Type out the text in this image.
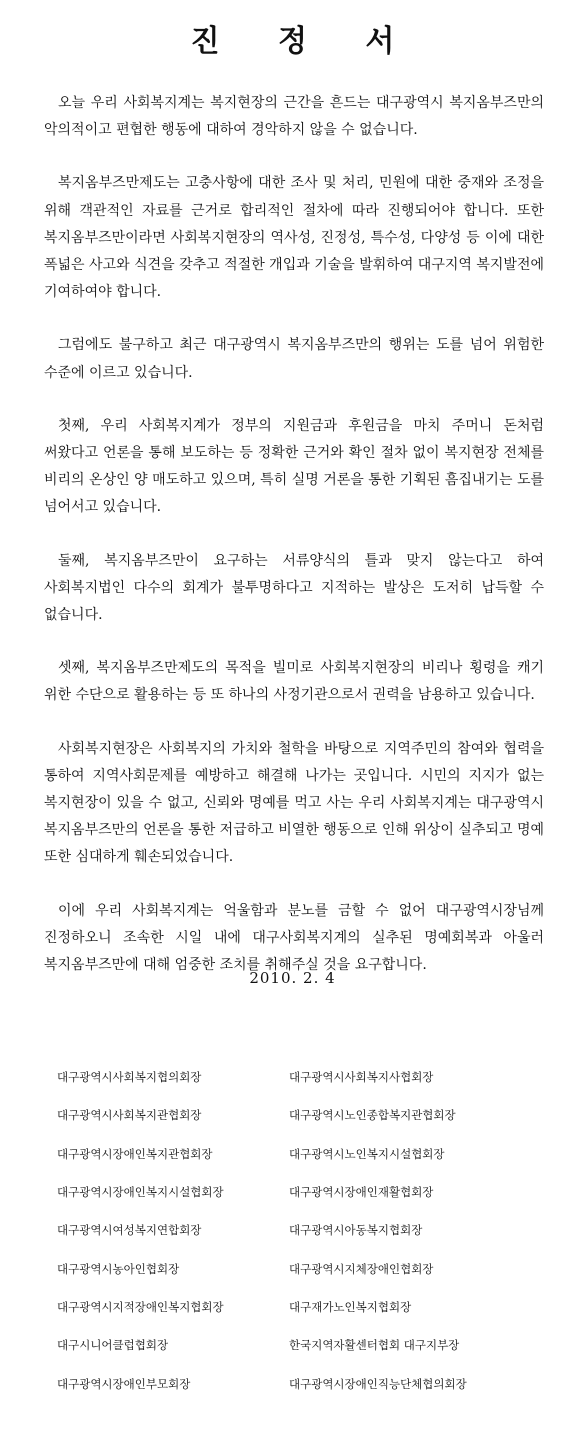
진 정 서

오늘 우리 사회복지계는 복지현장의 근간을 흔드는 대구광역시 복지옴부즈만의 악의적이고 편협한 행동에 대하여 경악하지 않을 수 없습니다.

복지옴부즈만제도는 고충사항에 대한 조사 및 처리, 민원에 대한 중재와 조정을 위해 객관적인 자료를 근거로 합리적인 절차에 따라 진행되어야 합니다. 또한 복지옴부즈만이라면 사회복지현장의 역사성, 진정성, 특수성, 다양성 등 이에 대한 폭넓은 사고와 식견을 갖추고 적절한 개입과 기술을 발휘하여 대구지역 복지발전에 기여하여야 합니다.

그럼에도 불구하고 최근 대구광역시 복지옴부즈만의 행위는 도를 넘어 위험한 수준에 이르고 있습니다.

첫째, 우리 사회복지계가 정부의 지원금과 후원금을 마치 주머니 돈처럼 써왔다고 언론을 통해 보도하는 등 정확한 근거와 확인 절차 없이 복지현장 전체를 비리의 온상인 양 매도하고 있으며, 특히 실명 거론을 통한 기획된 흠집내기는 도를 넘어서고 있습니다.

둘째, 복지옴부즈만이 요구하는 서류양식의 틀과 맞지 않는다고 하여 사회복지법인 다수의 회계가 불투명하다고 지적하는 발상은 도저히 납득할 수 없습니다.

셋째, 복지옴부즈만제도의 목적을 빌미로 사회복지현장의 비리나 횡령을 캐기 위한 수단으로 활용하는 등 또 하나의 사정기관으로서 권력을 남용하고 있습니다.

사회복지현장은 사회복지의 가치와 철학을 바탕으로 지역주민의 참여와 협력을 통하여 지역사회문제를 예방하고 해결해 나가는 곳입니다. 시민의 지지가 없는 복지현장이 있을 수 없고, 신뢰와 명예를 먹고 사는 우리 사회복지계는 대구광역시 복지옴부즈만의 언론을 통한 저급하고 비열한 행동으로 인해 위상이 실추되고 명예 또한 심대하게 훼손되었습니다.

이에 우리 사회복지계는 억울함과 분노를 금할 수 없어 대구광역시장님께 진정하오니 조속한 시일 내에 대구사회복지계의 실추된 명예회복과 아울러 복지옴부즈만에 대해 엄중한 조치를 취해주실 것을 요구합니다.

2010. 2. 4
대구광역시사회복지협의회장	대구광역시사회복지사협회장
대구광역시사회복지관협회장	대구광역시노인종합복지관협회장
대구광역시장애인복지관협회장	대구광역시노인복지시설협회장
대구광역시장애인복지시설협회장	대구광역시장애인재활협회장
대구광역시여성복지연합회장	대구광역시아동복지협회장
대구광역시농아인협회장	대구광역시지체장애인협회장
대구광역시지적장애인복지협회장	대구재가노인복지협회장
대구시니어클럽협회장	한국지역자활센터협회 대구지부장
대구광역시장애인부모회장	대구광역시장애인직능단체협의회장
